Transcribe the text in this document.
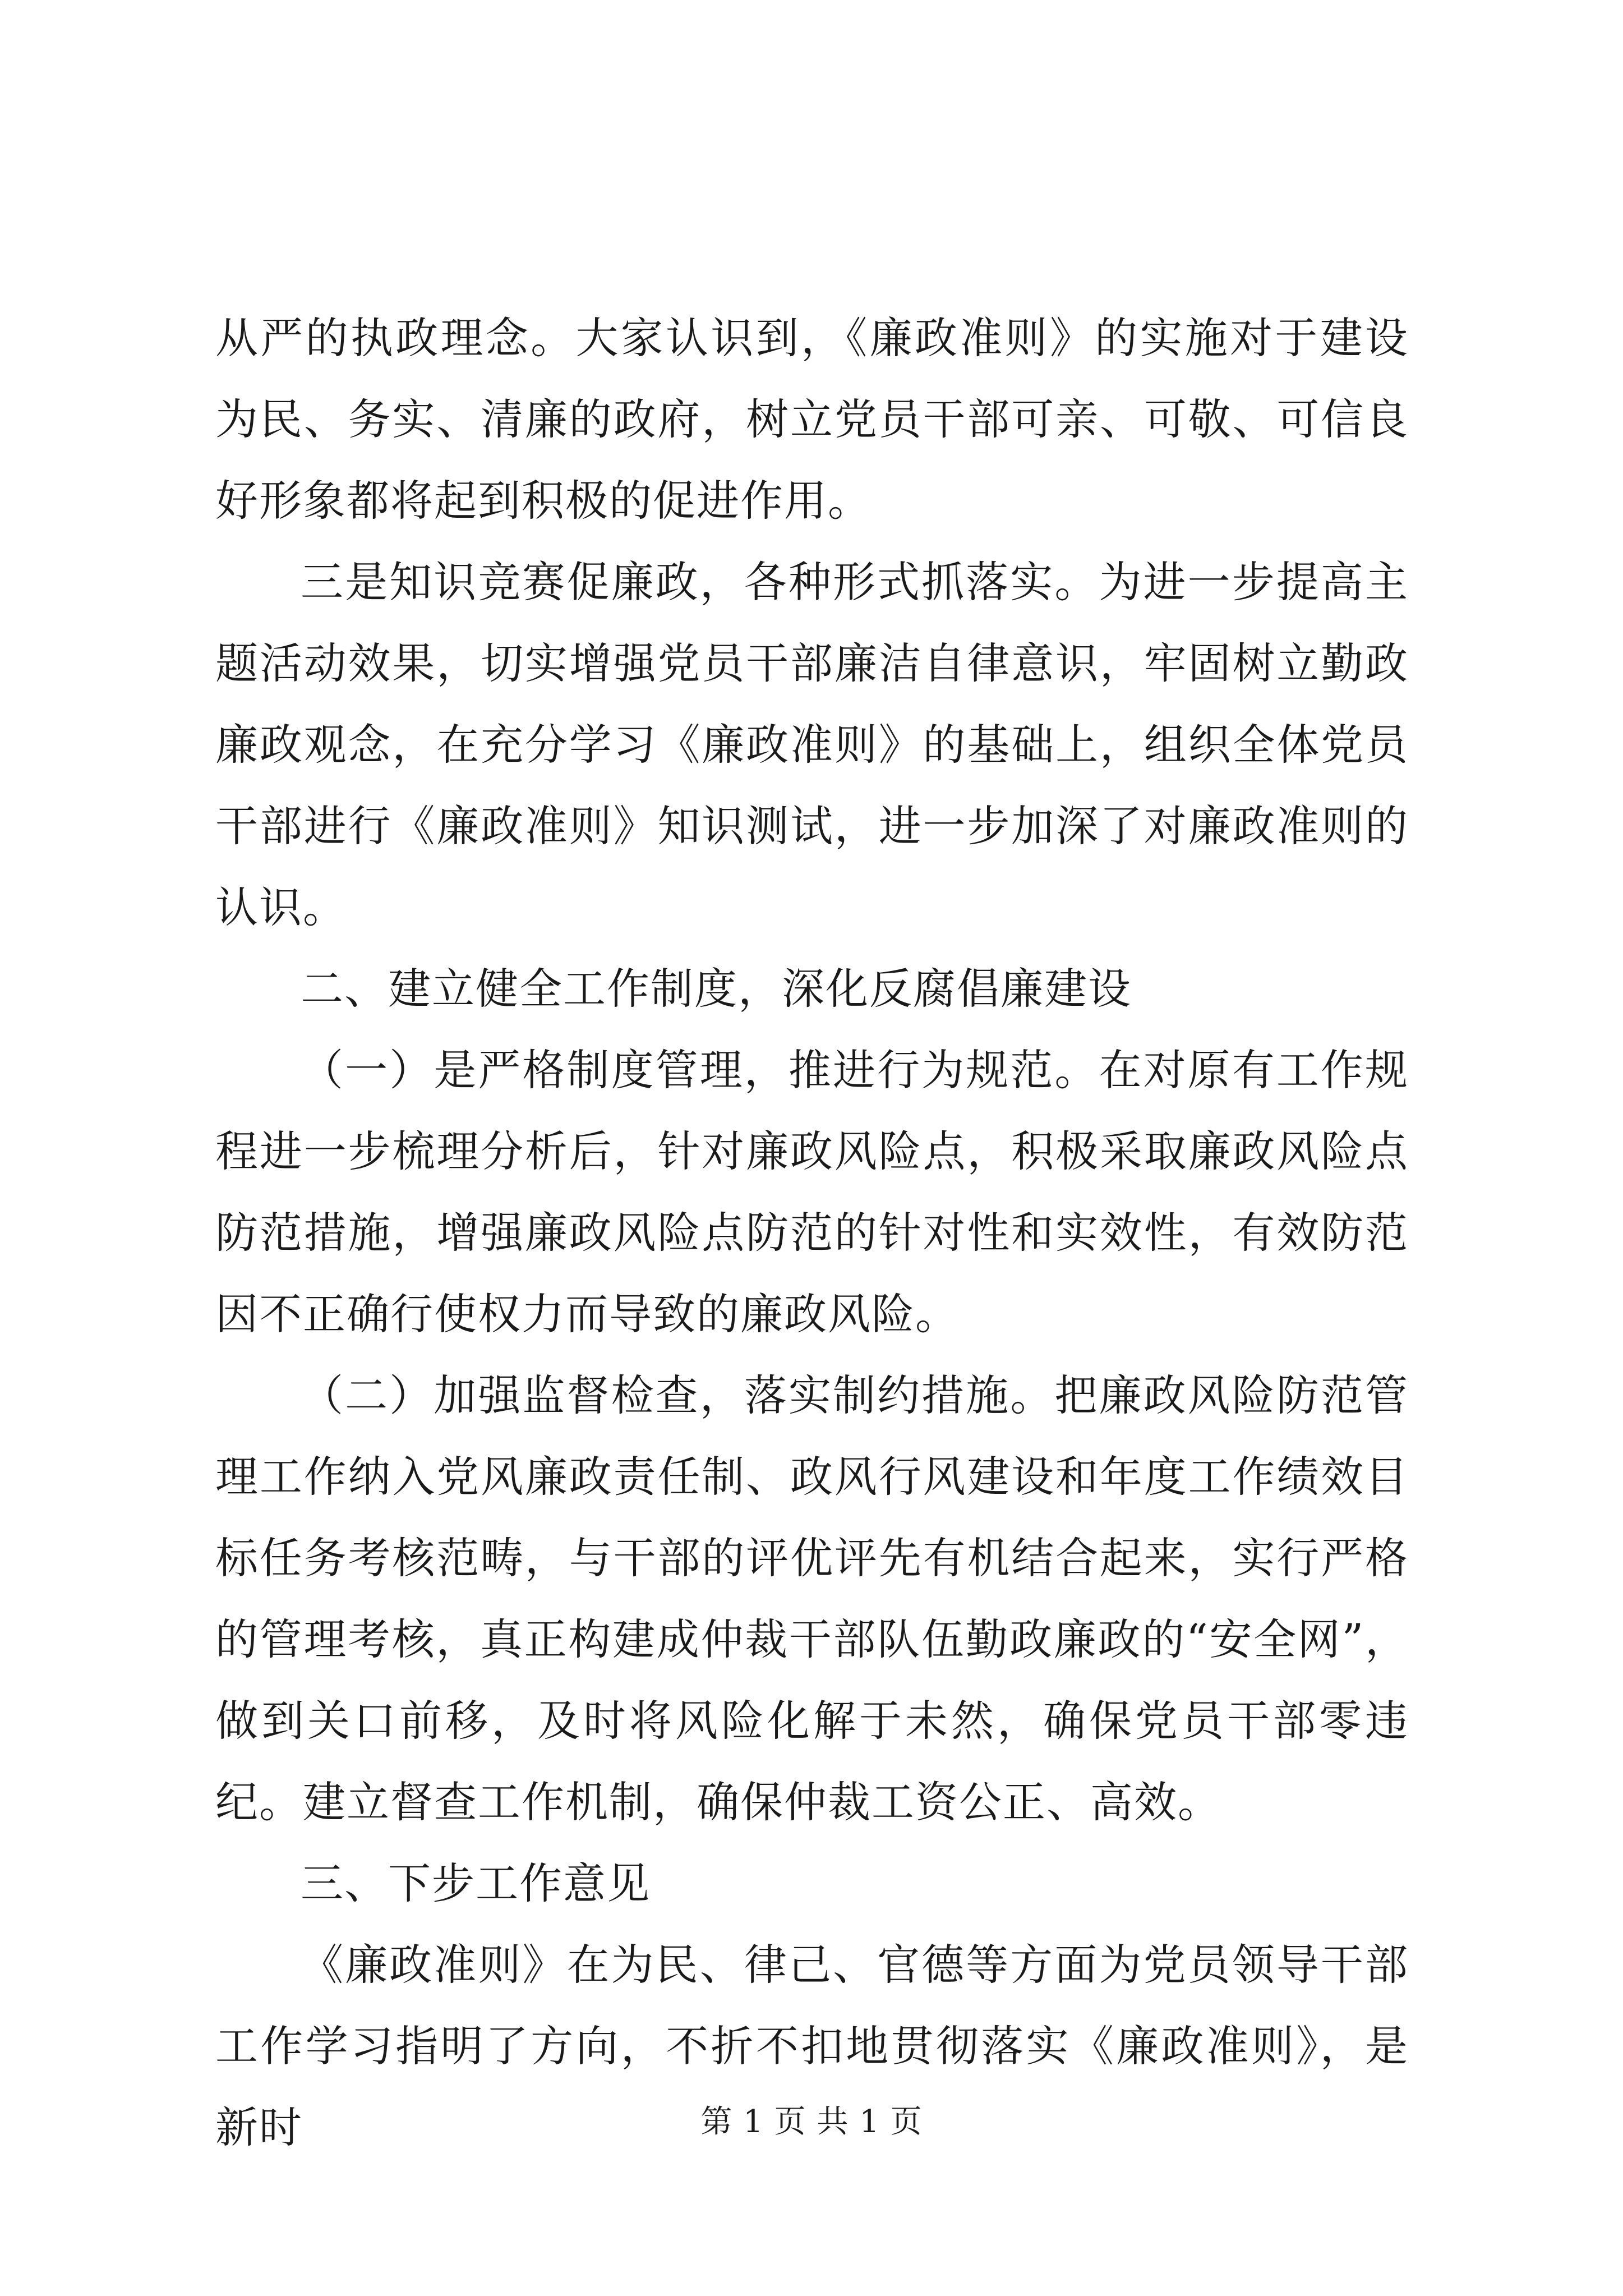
从严的执政理念。大家认识到，《廉政准则》的实施对于建设为民、务实、清廉的政府，树立党员干部可亲、可敬、可信良好形象都将起到积极的促进作用。

三是知识竞赛促廉政，各种形式抓落实。为进一步提高主题活动效果，切实增强党员干部廉洁自律意识，牢固树立勤政廉政观念，在充分学习《廉政准则》的基础上，组织全体党员干部进行《廉政准则》知识测试，进一步加深了对廉政准则的认识。

二、建立健全工作制度，深化反腐倡廉建设

（一）是严格制度管理，推进行为规范。在对原有工作规程进一步梳理分析后，针对廉政风险点，积极采取廉政风险点防范措施，增强廉政风险点防范的针对性和实效性，有效防范因不正确行使权力而导致的廉政风险。

（二）加强监督检查，落实制约措施。把廉政风险防范管理工作纳入党风廉政责任制、政风行风建设和年度工作绩效目标任务考核范畴，与干部的评优评先有机结合起来，实行严格的管理考核，真正构建成仲裁干部队伍勤政廉政的“安全网”，做到关口前移，及时将风险化解于未然，确保党员干部零违纪。建立督查工作机制，确保仲裁工资公正、高效。

三、下步工作意见

《廉政准则》在为民、律己、官德等方面为党员领导干部工作学习指明了方向，不折不扣地贯彻落实《廉政准则》，是新时	第 1 页 共 1 页
